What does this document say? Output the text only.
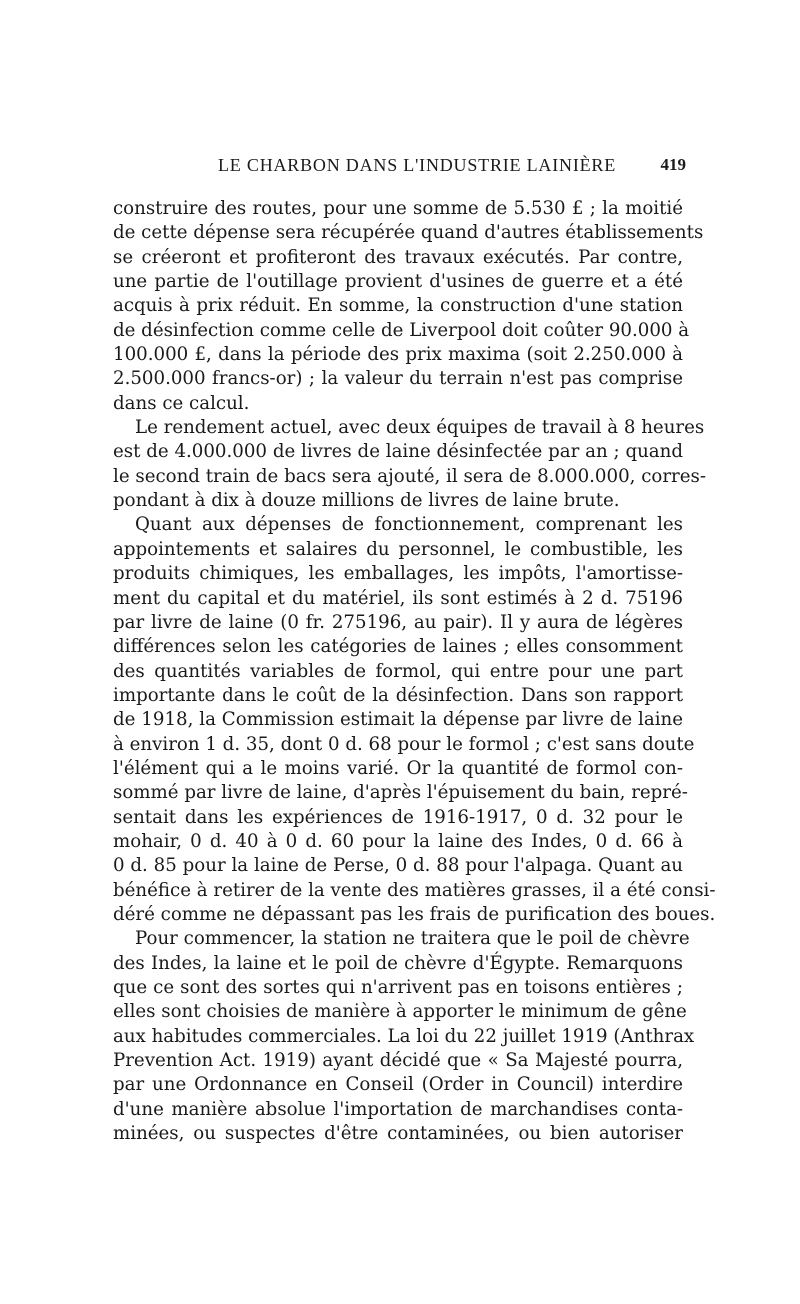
LE CHARBON DANS L'INDUSTRIE LAINIÈRE	419
construire des routes, pour une somme de 5.530 £ ; la moitié
de cette dépense sera récupérée quand d'autres établissements
se créeront et profiteront des travaux exécutés. Par contre,
une partie de l'outillage provient d'usines de guerre et a été
acquis à prix réduit. En somme, la construction d'une station
de désinfection comme celle de Liverpool doit coûter 90.000 à
100.000 £, dans la période des prix maxima (soit 2.250.000 à
2.500.000 francs-or) ; la valeur du terrain n'est pas comprise
dans ce calcul.
Le rendement actuel, avec deux équipes de travail à 8 heures
est de 4.000.000 de livres de laine désinfectée par an ; quand
le second train de bacs sera ajouté, il sera de 8.000.000, corres-
pondant à dix à douze millions de livres de laine brute.
Quant aux dépenses de fonctionnement, comprenant les
appointements et salaires du personnel, le combustible, les
produits chimiques, les emballages, les impôts, l'amortisse-
ment du capital et du matériel, ils sont estimés à 2 d. 75196
par livre de laine (0 fr. 275196, au pair). Il y aura de légères
différences selon les catégories de laines ; elles consomment
des quantités variables de formol, qui entre pour une part
importante dans le coût de la désinfection. Dans son rapport
de 1918, la Commission estimait la dépense par livre de laine
à environ 1 d. 35, dont 0 d. 68 pour le formol ; c'est sans doute
l'élément qui a le moins varié. Or la quantité de formol con-
sommé par livre de laine, d'après l'épuisement du bain, repré-
sentait dans les expériences de 1916-1917, 0 d. 32 pour le
mohair, 0 d. 40 à 0 d. 60 pour la laine des Indes, 0 d. 66 à
0 d. 85 pour la laine de Perse, 0 d. 88 pour l'alpaga. Quant au
bénéfice à retirer de la vente des matières grasses, il a été consi-
déré comme ne dépassant pas les frais de purification des boues.
Pour commencer, la station ne traitera que le poil de chèvre
des Indes, la laine et le poil de chèvre d'Égypte. Remarquons
que ce sont des sortes qui n'arrivent pas en toisons entières ;
elles sont choisies de manière à apporter le minimum de gêne
aux habitudes commerciales. La loi du 22 juillet 1919 (Anthrax
Prevention Act. 1919) ayant décidé que « Sa Majesté pourra,
par une Ordonnance en Conseil (Order in Council) interdire
d'une manière absolue l'importation de marchandises conta-
minées, ou suspectes d'être contaminées, ou bien autoriser
